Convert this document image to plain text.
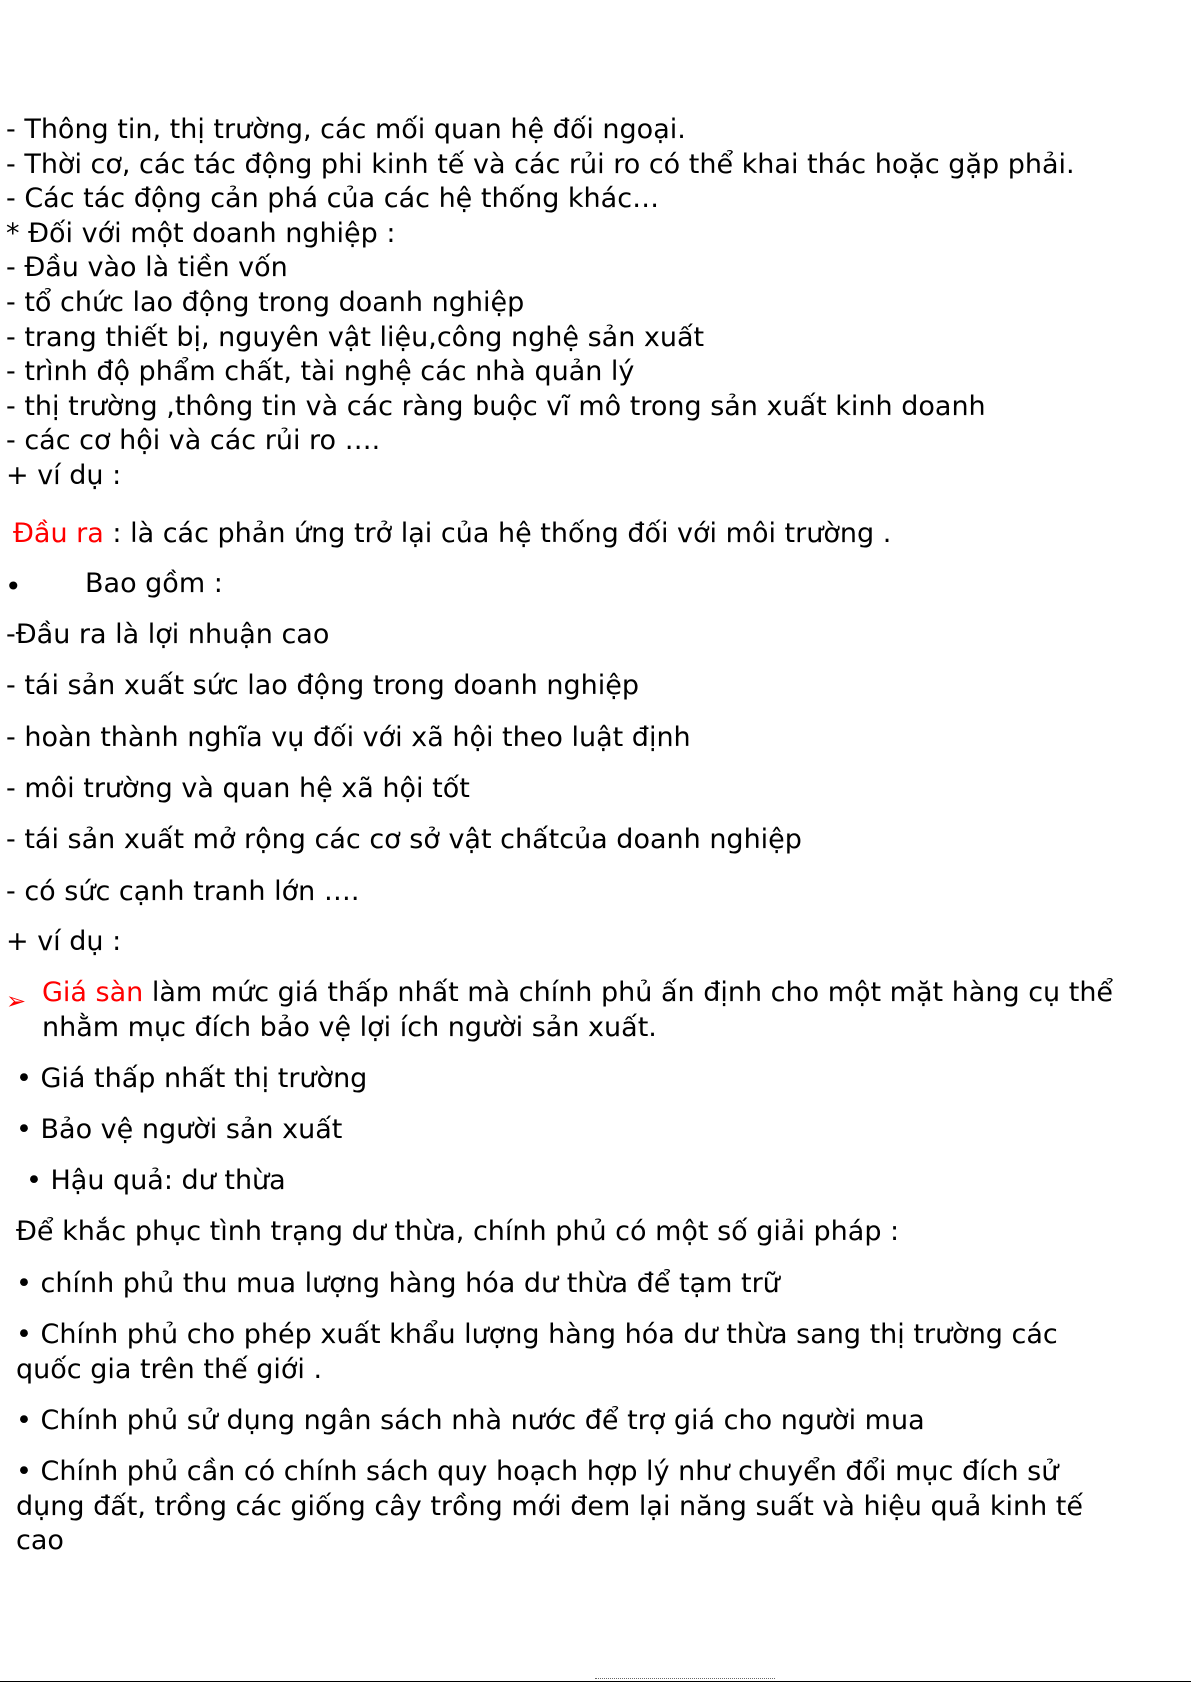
- Thông tin, thị trường, các mối quan hệ đối ngoại.
- Thời cơ, các tác động phi kinh tế và các rủi ro có thể khai thác hoặc gặp phải.
- Các tác động cản phá của các hệ thống khác…
* Đối với một doanh nghiệp :
- Đầu vào là tiền vốn
- tổ chức lao động trong doanh nghiệp
- trang thiết bị, nguyên vật liệu,công nghệ sản xuất
- trình độ phẩm chất, tài nghệ các nhà quản lý
- thị trường ,thông tin và các ràng buộc vĩ mô trong sản xuất kinh doanh
- các cơ hội và các rủi ro ….
+ ví dụ :
Đầu ra : là các phản ứng trở lại của hệ thống đối với môi trường .
• Bao gồm :
-Đầu ra là lợi nhuận cao
- tái sản xuất sức lao động trong doanh nghiệp
- hoàn thành nghĩa vụ đối với xã hội theo luật định
- môi trường và quan hệ xã hội tốt
- tái sản xuất mở rộng các cơ sở vật chấtcủa doanh nghiệp
- có sức cạnh tranh lớn ….
+ ví dụ :
➢ Giá sàn làm mức giá thấp nhất mà chính phủ ấn định cho một mặt hàng cụ thể
nhằm mục đích bảo vệ lợi ích người sản xuất.
• Giá thấp nhất thị trường
• Bảo vệ người sản xuất
• Hậu quả: dư thừa
Để khắc phục tình trạng dư thừa, chính phủ có một số giải pháp :
• chính phủ thu mua lượng hàng hóa dư thừa để tạm trữ
• Chính phủ cho phép xuất khẩu lượng hàng hóa dư thừa sang thị trường các
quốc gia trên thế giới .
• Chính phủ sử dụng ngân sách nhà nước để trợ giá cho người mua
• Chính phủ cần có chính sách quy hoạch hợp lý như chuyển đổi mục đích sử
dụng đất, trồng các giống cây trồng mới đem lại năng suất và hiệu quả kinh tế
cao
